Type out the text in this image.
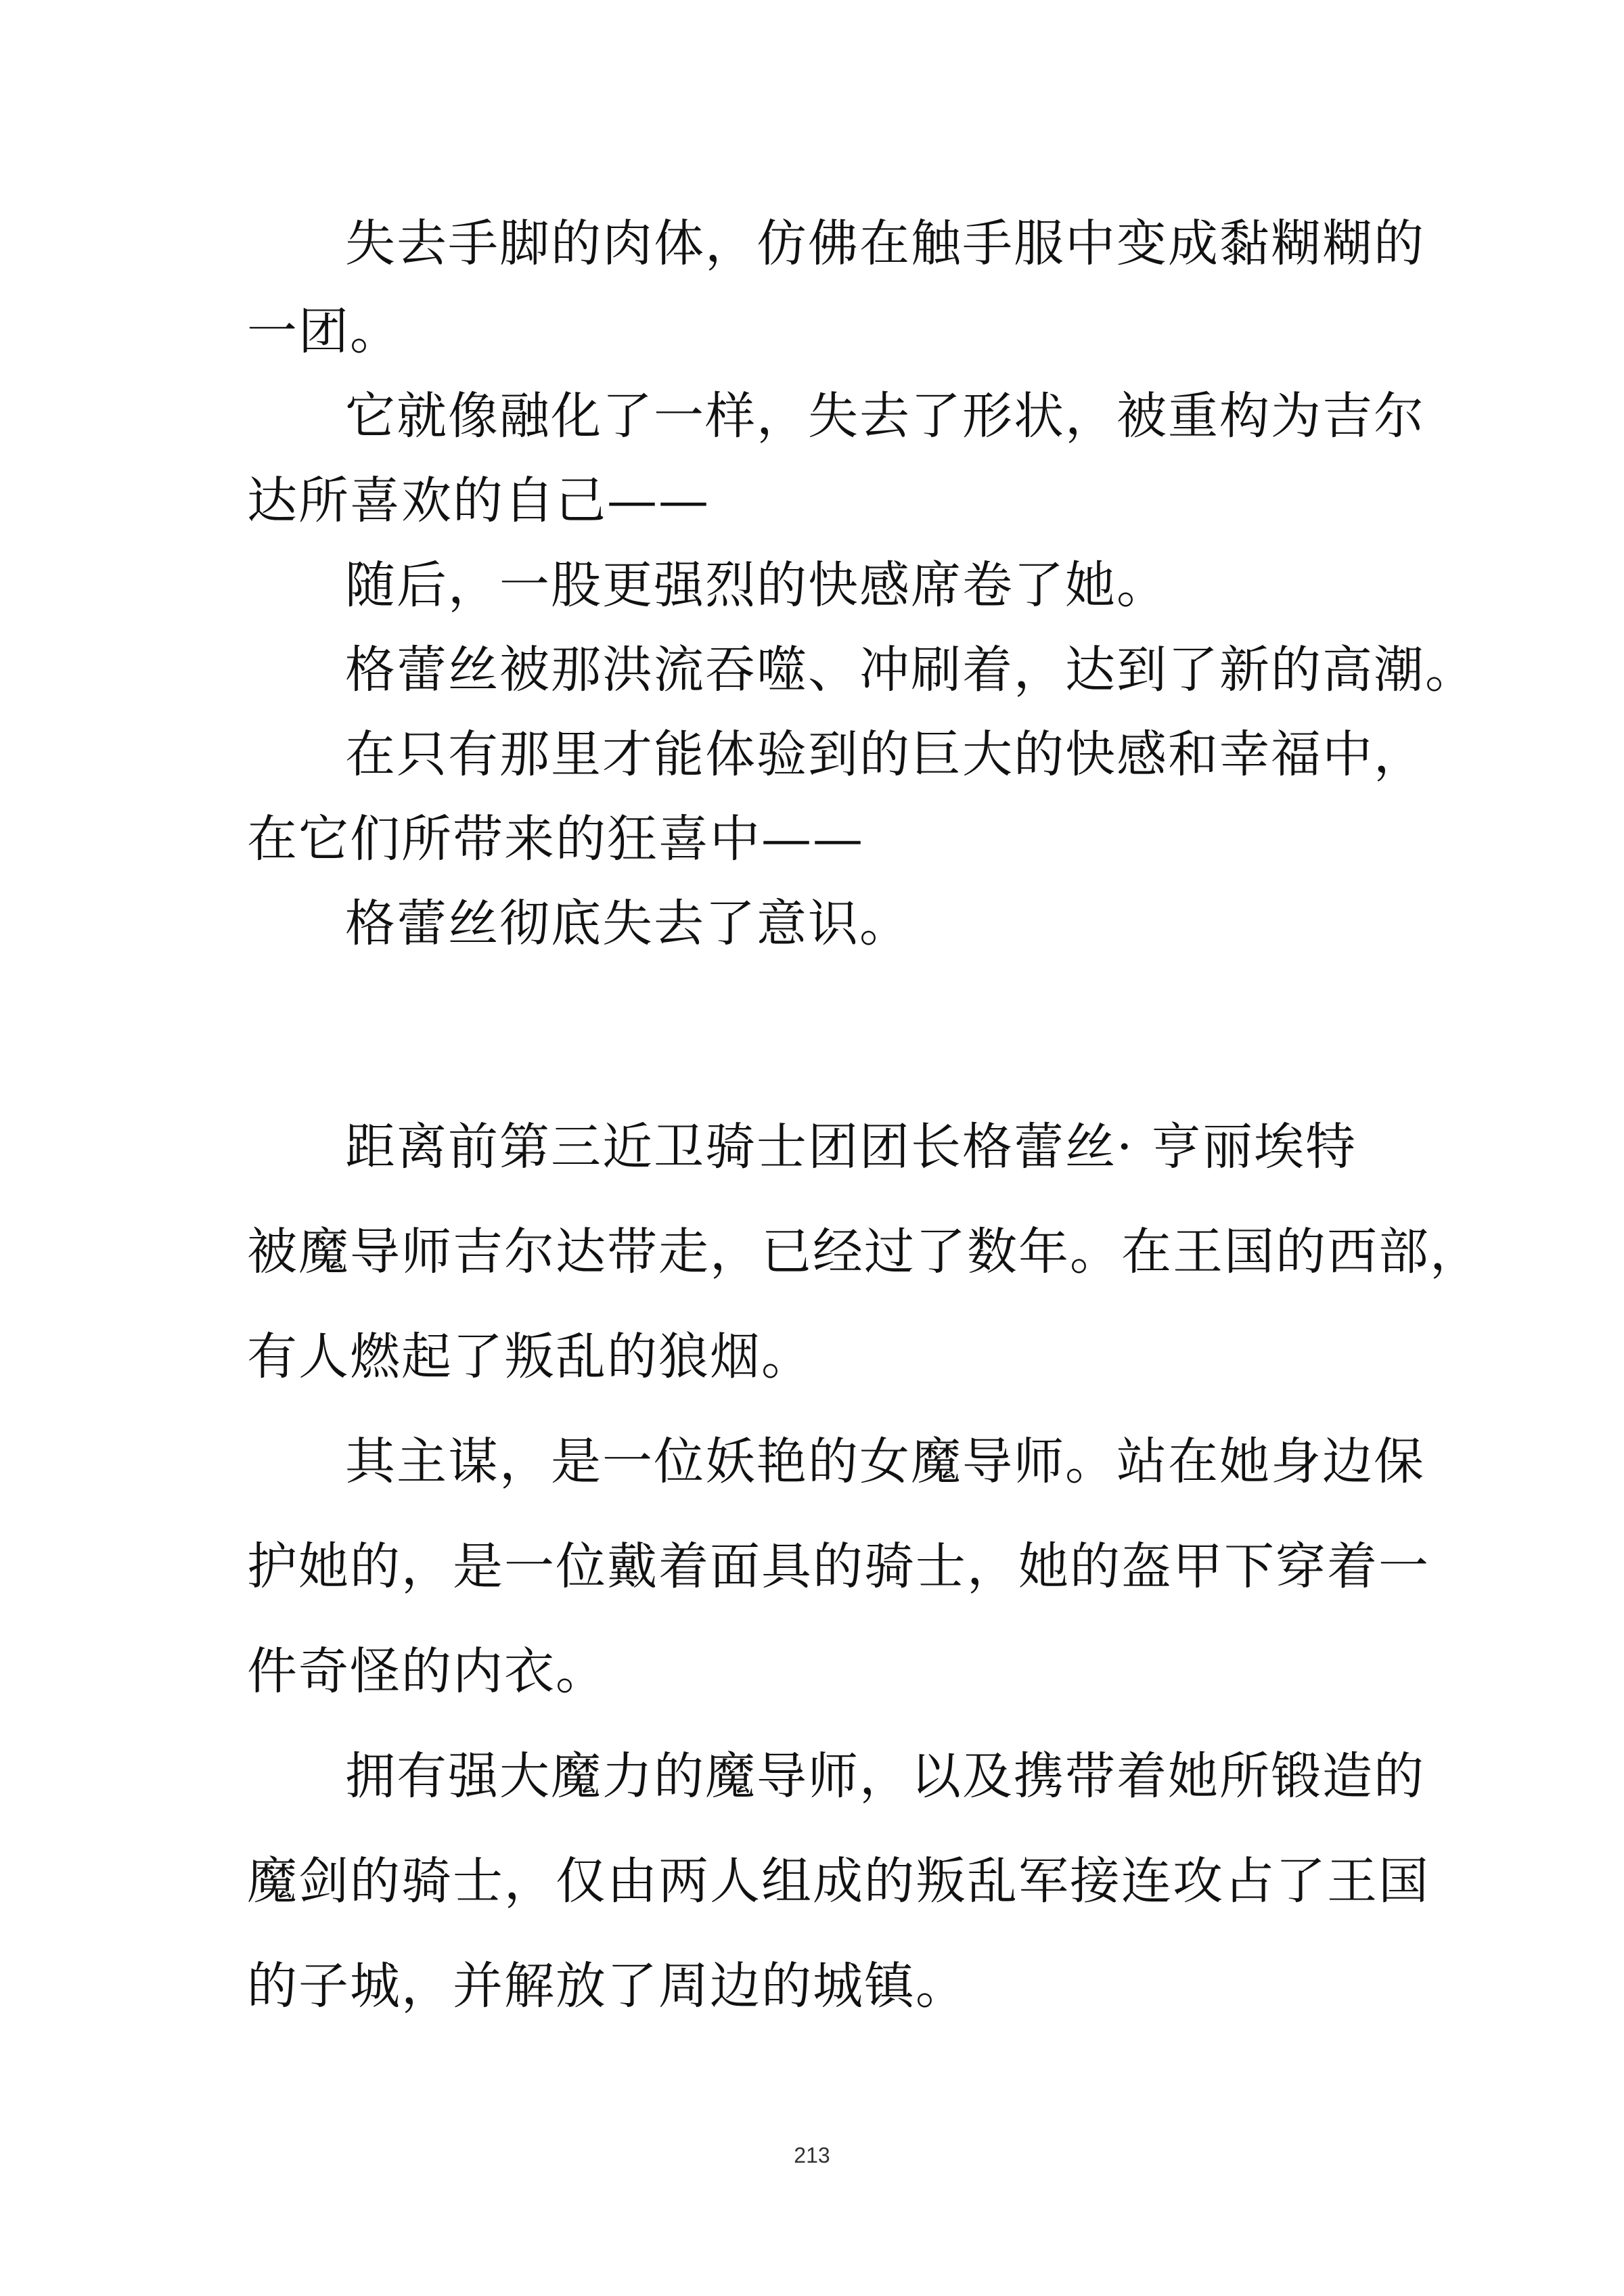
失去手脚的肉体，仿佛在触手服中变成黏糊糊的
一团。
它就像融化了一样，失去了形状，被重构为吉尔
达所喜欢的自己——
随后，一股更强烈的快感席卷了她。
格蕾丝被那洪流吞噬、冲刷着，达到了新的高潮。
在只有那里才能体验到的巨大的快感和幸福中，
在它们所带来的狂喜中——
格蕾丝彻底失去了意识。
距离前第三近卫骑士团团长格蕾丝· 亨丽埃特
被魔导师吉尔达带走，已经过了数年。在王国的西部，
有人燃起了叛乱的狼烟。
其主谋，是一位妖艳的女魔导师。站在她身边保
护她的，是一位戴着面具的骑士，她的盔甲下穿着一
件奇怪的内衣。
拥有强大魔力的魔导师，以及携带着她所锻造的
魔剑的骑士，仅由两人组成的叛乱军接连攻占了王国
的子城，并解放了周边的城镇。
213
